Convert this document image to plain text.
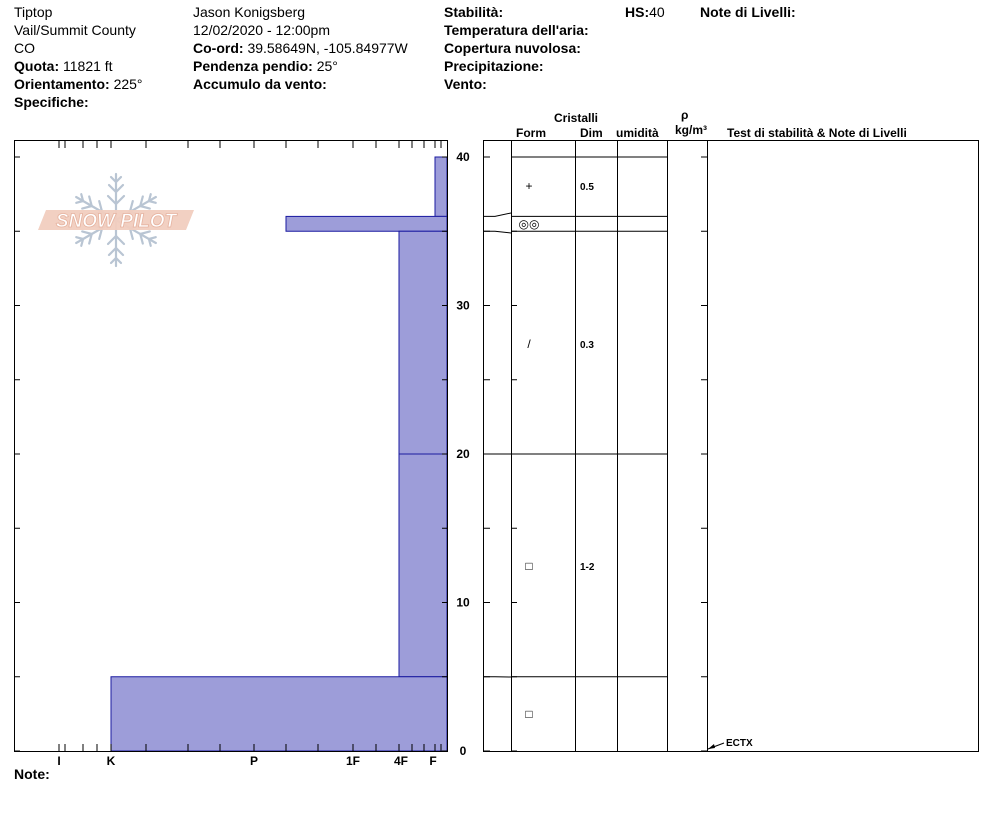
Tiptop
Vail/Summit County
CO
Quota: 11821 ft
Orientamento: 225°
Specifiche:
Jason Konigsberg
12/02/2020 - 12:00pm
Co-ord: 39.58649N, -105.84977W
Pendenza pendio: 25°
Accumulo da vento:
Stabilità:
Temperatura dell'aria:
Copertura nuvolosa:
Precipitazione:
Vento:
HS:40	Note di Livelli:
Cristalli
Form	Dim umidità
ρ
kg/m³ Test di stabilità & Note di Livelli
SNOW PILOT
I	K	P	1F	4F F
0
10
20
30
40
+	0.5
◎◎
/	0.3
□	1-2
□
ECTX
Note:
